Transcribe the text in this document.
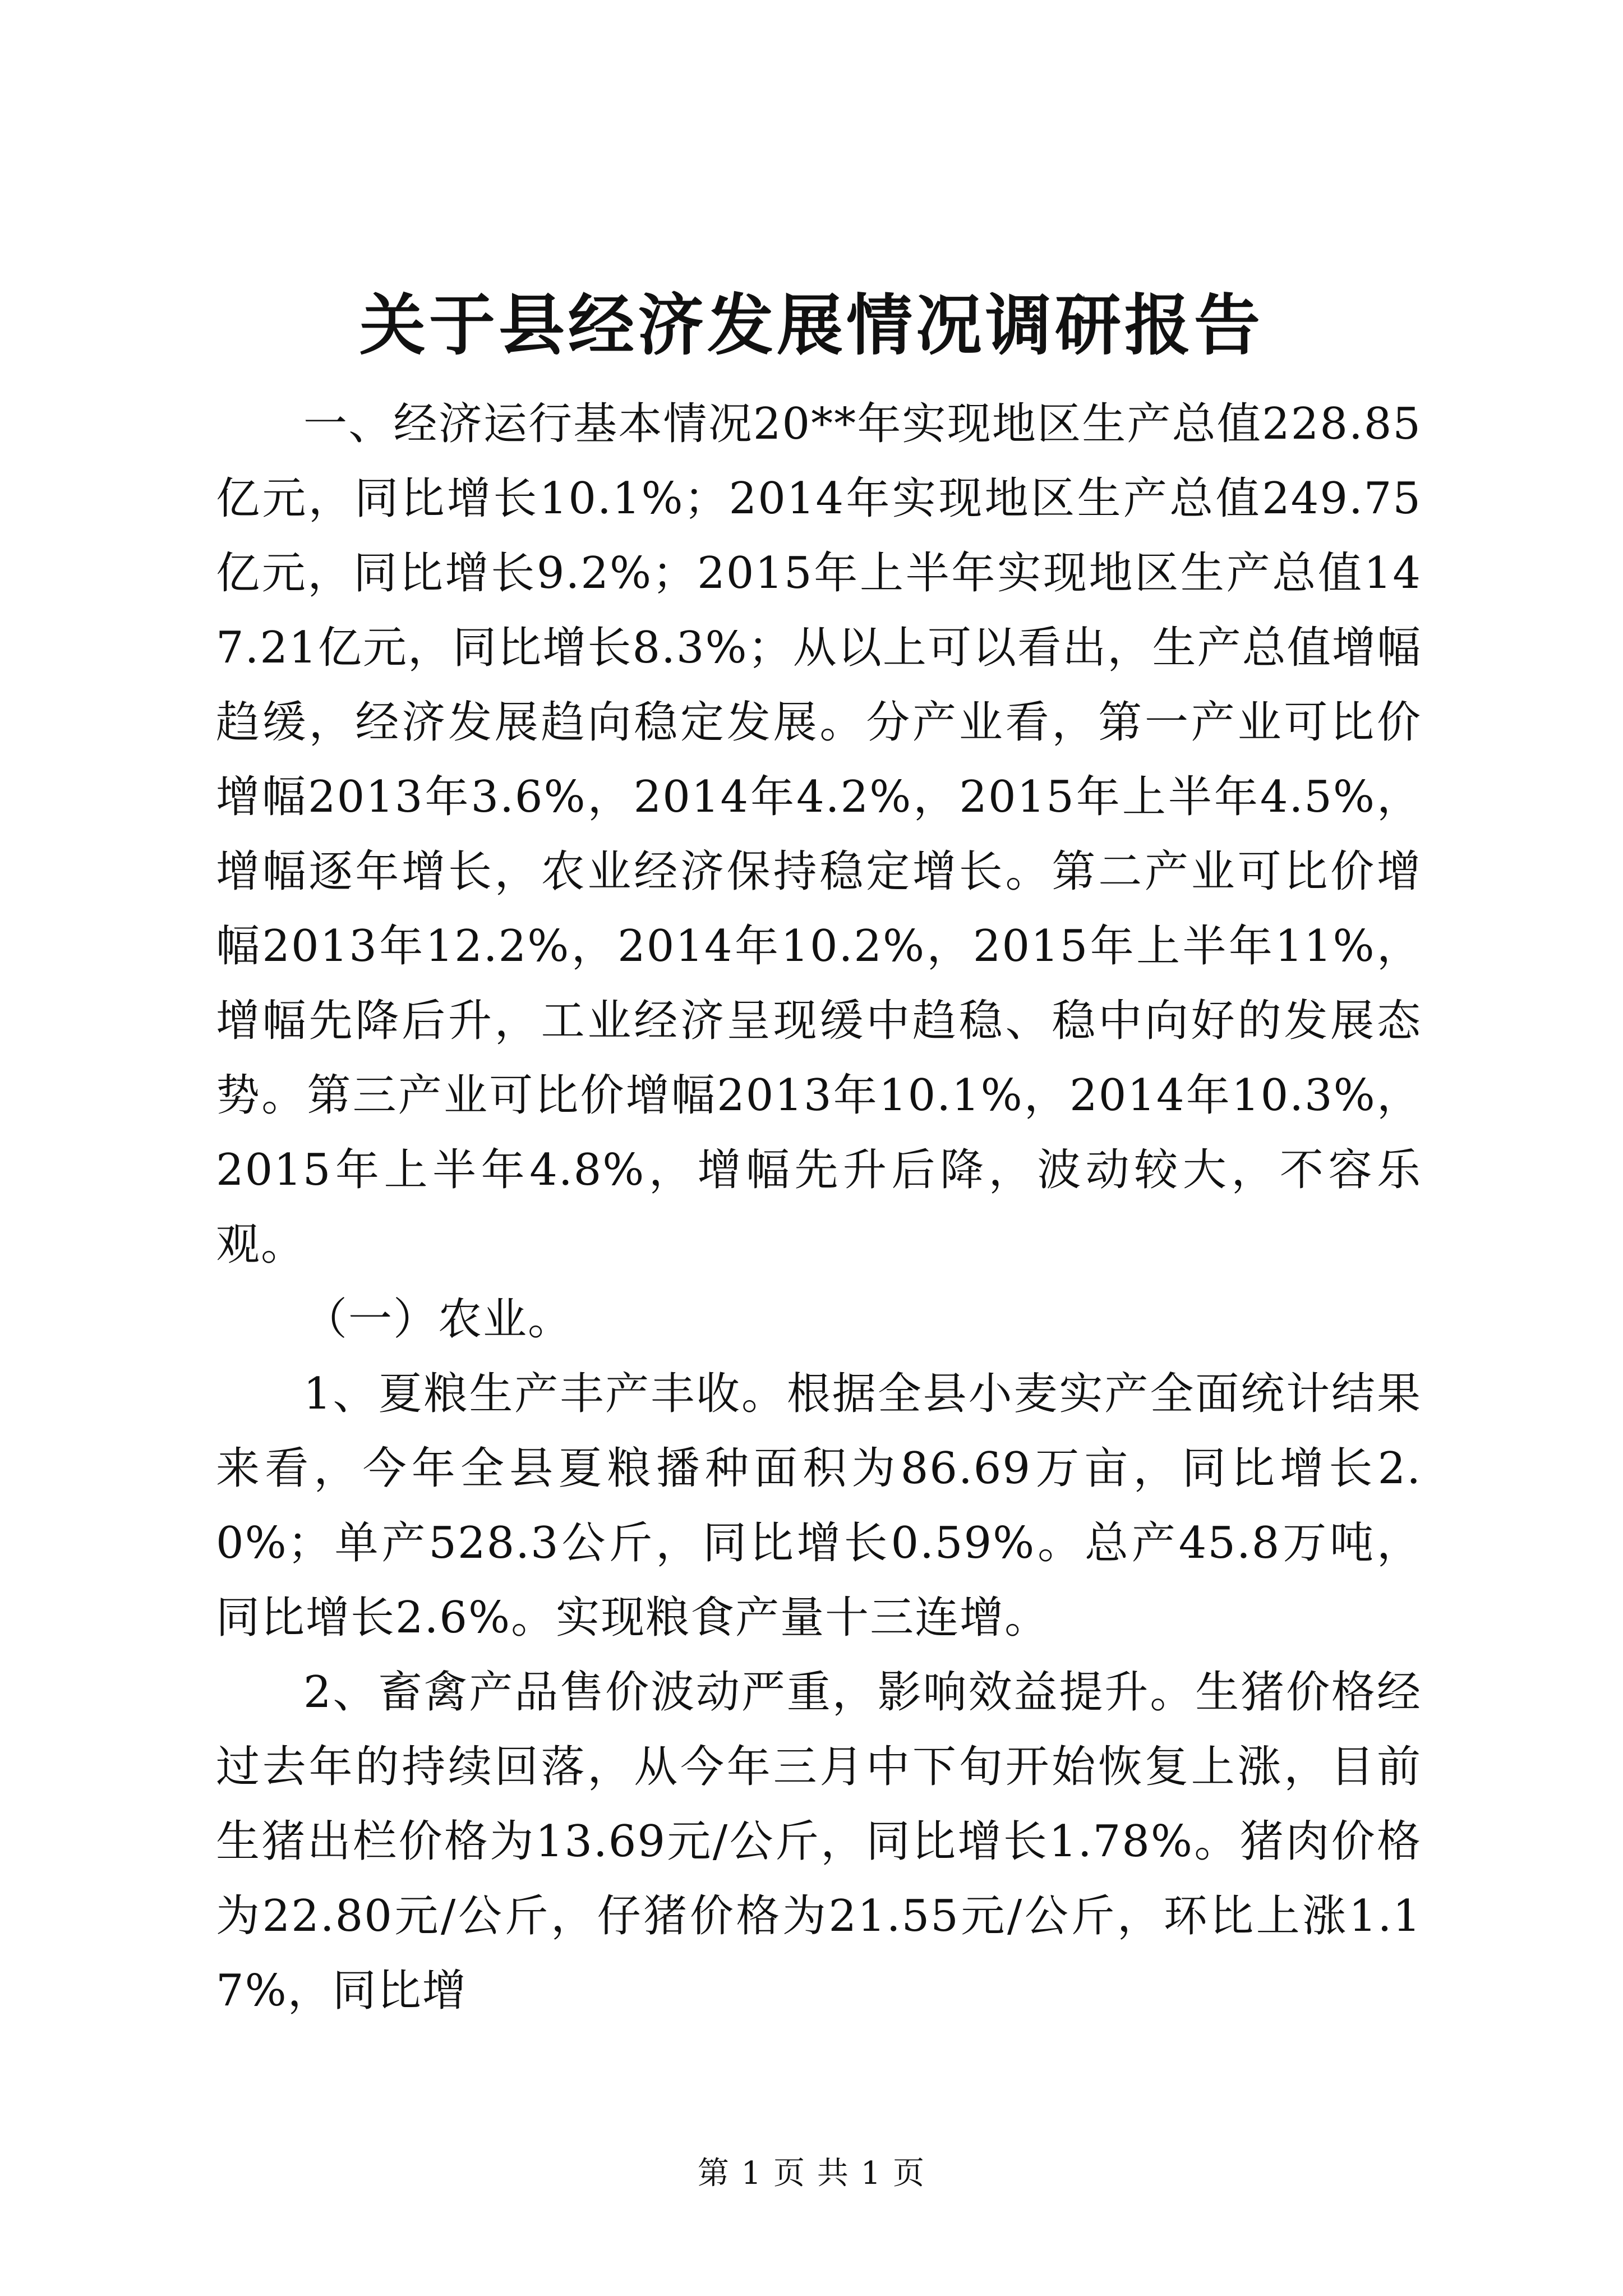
关于县经济发展情况调研报告

一、经济运行基本情况20**年实现地区生产总值228.85亿元，同比增长10.1%；2014年实现地区生产总值249.75亿元，同比增长9.2%；2015年上半年实现地区生产总值147.21亿元，同比增长8.3%；从以上可以看出，生产总值增幅趋缓，经济发展趋向稳定发展。分产业看，第一产业可比价增幅2013年3.6%，2014年4.2%，2015年上半年4.5%，增幅逐年增长，农业经济保持稳定增长。第二产业可比价增幅2013年12.2%，2014年10.2%，2015年上半年11%，增幅先降后升，工业经济呈现缓中趋稳、稳中向好的发展态势。第三产业可比价增幅2013年10.1%，2014年10.3%，2015年上半年4.8%，增幅先升后降，波动较大，不容乐观。

（一）农业。

1、夏粮生产丰产丰收。根据全县小麦实产全面统计结果来看，今年全县夏粮播种面积为86.69万亩，同比增长2.0%；单产528.3公斤，同比增长0.59%。总产45.8万吨，同比增长2.6%。实现粮食产量十三连增。

2、畜禽产品售价波动严重，影响效益提升。生猪价格经过去年的持续回落，从今年三月中下旬开始恢复上涨，目前生猪出栏价格为13.69元/公斤，同比增长1.78%。猪肉价格为22.80元/公斤，仔猪价格为21.55元/公斤，环比上涨1.17%，同比增

第 1 页 共 1 页
